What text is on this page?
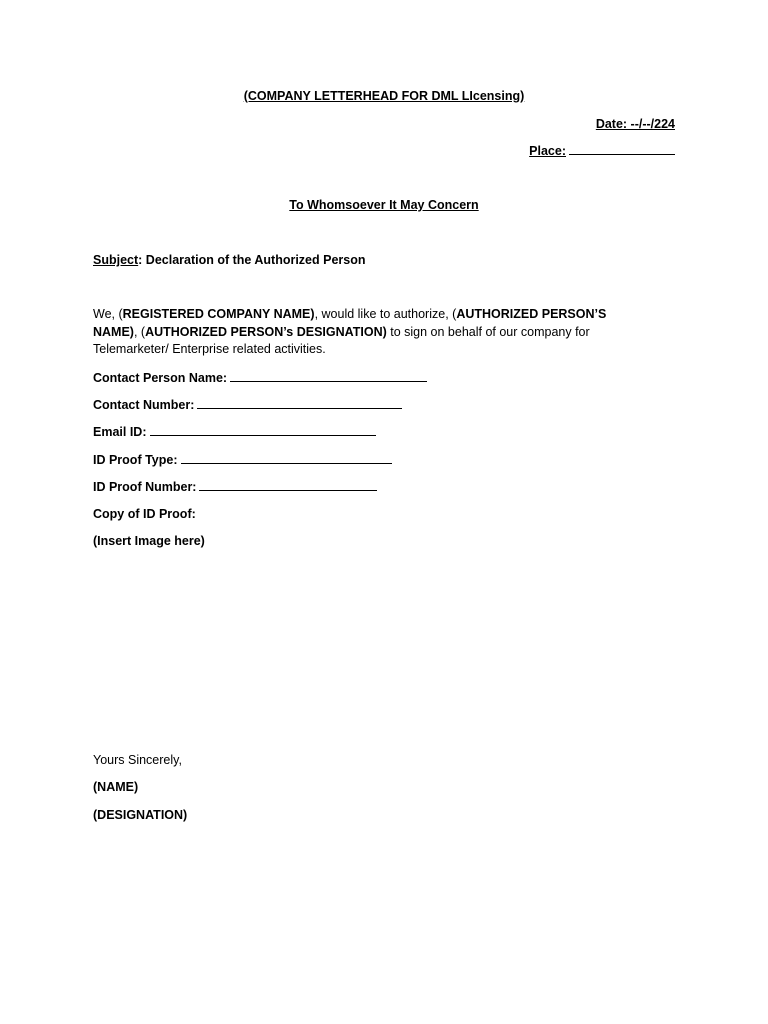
(COMPANY LETTERHEAD FOR DML LIcensing)
Date: --/--/224
Place:
To Whomsoever It May Concern
Subject: Declaration of the Authorized Person
We, (REGISTERED COMPANY NAME), would like to authorize, (AUTHORIZED PERSON’S NAME), (AUTHORIZED PERSON’s DESIGNATION) to sign on behalf of our company for Telemarketer/ Enterprise related activities.
Contact Person Name:
Contact Number:
Email ID:
ID Proof Type:
ID Proof Number:
Copy of ID Proof:
(Insert Image here)
Yours Sincerely,
(NAME)
(DESIGNATION)
